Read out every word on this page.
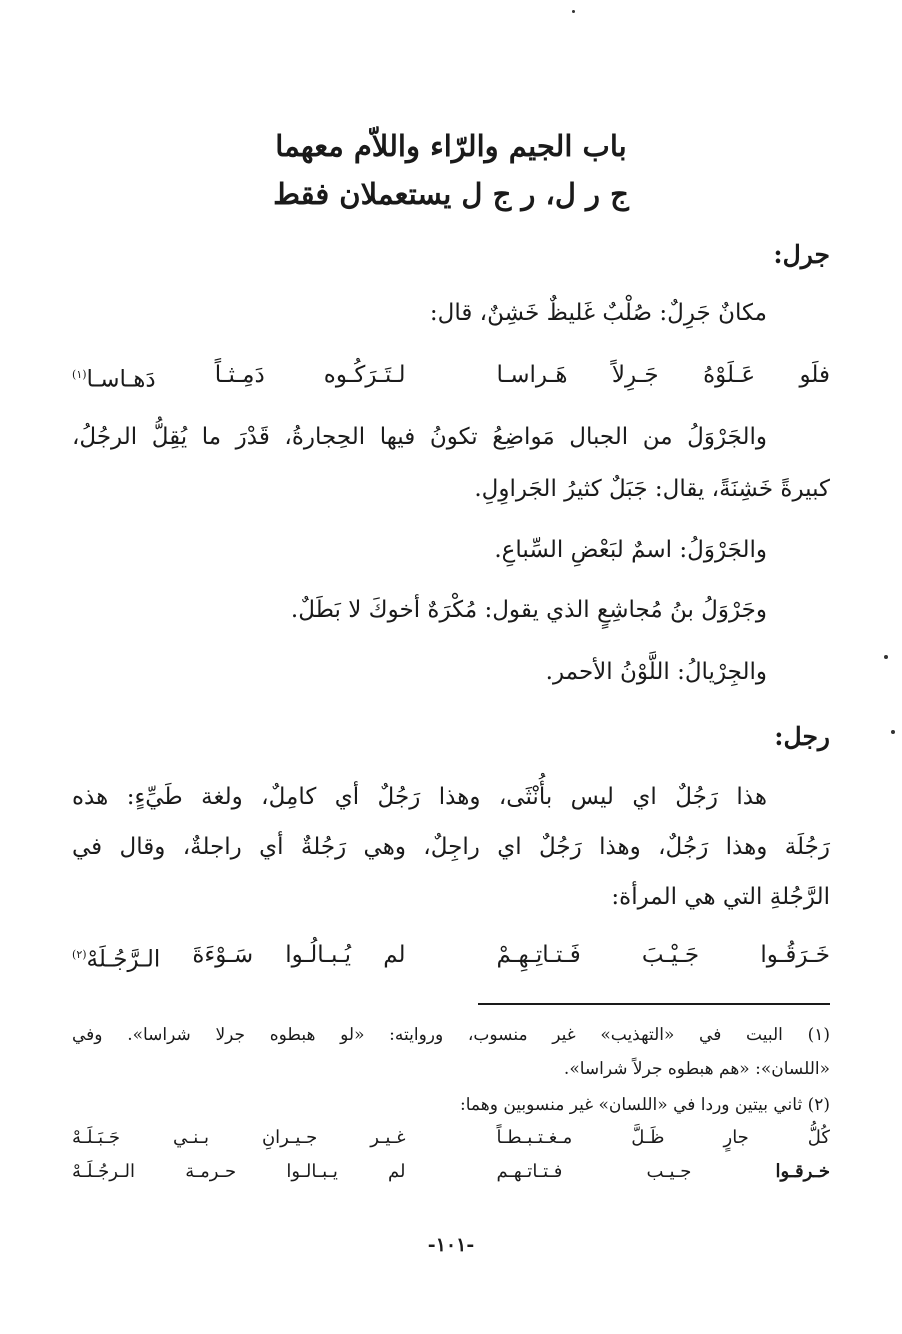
باب الجيم والرّاء واللاّم معهما
ج ر ل، ر ج ل يستعملان فقط
جرل:
مكانٌ جَرِلٌ: صُلْبٌ غَليظٌ خَشِنٌ، قال:
فلَو
عَـلَوْهُ
جَـرِلاً
هَـراسـا
لـتَـرَكُـوه
دَمِـثـاً
دَهـاسـا$^{(١)}$
والجَرْوَلُ من الجبال مَواضِعُ تكونُ فيها الحِجارةُ، قَدْرَ ما يُقِلُّ الرجُلُ،
كبيرةً خَشِنَةً، يقال: جَبَلٌ كثيرُ الجَراوِلِ.
والجَرْوَلُ: اسمٌ لبَعْضِ السِّباعِ.
وجَرْوَلُ بنُ مُجاشِعٍ الذي يقول: مُكْرَهٌ أخوكَ لا بَطَلٌ.
والجِرْيالُ: اللَّوْنُ الأحمر.
رجل:
هذا رَجُلٌ اي ليس بأُنْثَى، وهذا رَجُلٌ أي كامِلٌ، ولغة طَيِّءٍ: هذه
رَجُلَة وهذا رَجُلٌ، وهذا رَجُلٌ اي راجِلٌ، وهي رَجُلةٌ أي راجلةٌ، وقال في
الرَّجُلةِ التي هي المرأة:
خَـرَقُـوا
جَـيْـبَ
فَـتـاتِـهِـمْ
لم
يُـبـالُـوا
سَـوْءَةَ
الـرَّجُـلَهْ$^{(٢)}$
(١) البيت في «التهذيب» غير منسوب، وروايته: «لو هبطوه جرلا شراسا». وفي
«اللسان»: «هم هبطوه جرلاً شراسا».
(٢) ثاني بيتين وردا في «اللسان» غير منسوبين وهما:
كُلُّ
جارٍ
ظَـلَّ
مـغـتـبـطـاً
غـيـر
جـيـرانِ
بـنـي
جَـبَـلَـهْ
خـرقـوا
جـيـب
فـتـاتـهـم
لم
يـبـالـوا
حـرمـة
الـرجُـلَـهْ
-١٠١-
